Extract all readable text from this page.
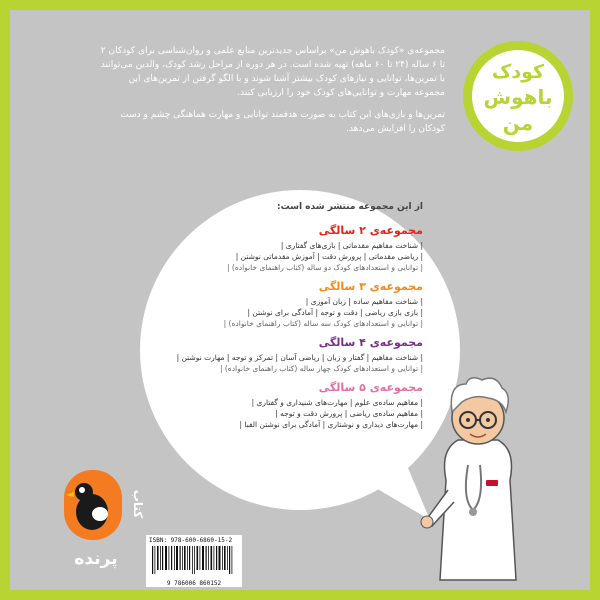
مجموعه‌ی «کودک باهوش من» براساس جدیدترین منابع علمی و روان‌شناسی برای کودکان ۲ تا ۶ ساله (۲۴ تا ۶۰ ماهه) تهیه شده است. در هر دوره از مراحل رشد کودک، والدین می‌توانند با تمرین‌ها، توانایی و نیازهای کودک بیشتر آشنا شوند و با الگو گرفتن از تمرین‌های این مجموعه مهارت و توانایی‌های کودک خود را ارزیابی کنند.

تمرین‌ها و بازی‌های این کتاب به صورت هدفمند توانایی و مهارت هماهنگی چشم و دست کودکان را افزایش می‌دهد.

کودک
باهوش
من
از این مجموعه منتشر شده است:
مجموعه‌ی ۲ سالگی
| شناخت مفاهیم مقدماتی | بازی‌های گفتاری |
| ریاضی مقدماتی | پرورش دقت | آموزش مقدماتی نوشتن |
| توانایی و استعدادهای کودک دو ساله (کتاب راهنمای خانواده) |
مجموعه‌ی ۳ سالگی
| شناخت مفاهیم ساده | زبان آموزی |
| بازی بازی ریاضی | دقت و توجه | آمادگی برای نوشتن |
| توانایی و استعدادهای کودک سه ساله (کتاب راهنمای خانواده) |
مجموعه‌ی ۴ سالگی
| شناخت مفاهیم | گفتار و زبان | ریاضی آسان | تمرکز و توجه | مهارت نوشتن |
| توانایی و استعدادهای کودک چهار ساله (کتاب راهنمای خانواده) |
مجموعه‌ی ۵ سالگی
| مفاهیم ساده‌ی علوم | مهارت‌های شنیداری و گفتاری |
| مفاهیم ساده‌ی ریاضی | پرورش دقت و توجه |
| مهارت‌های دیداری و نوشتاری | آمادگی برای نوشتن الفبا |
کتاب
پرنده
ISBN: 978-600-6860-15-2
9 786006 860152
